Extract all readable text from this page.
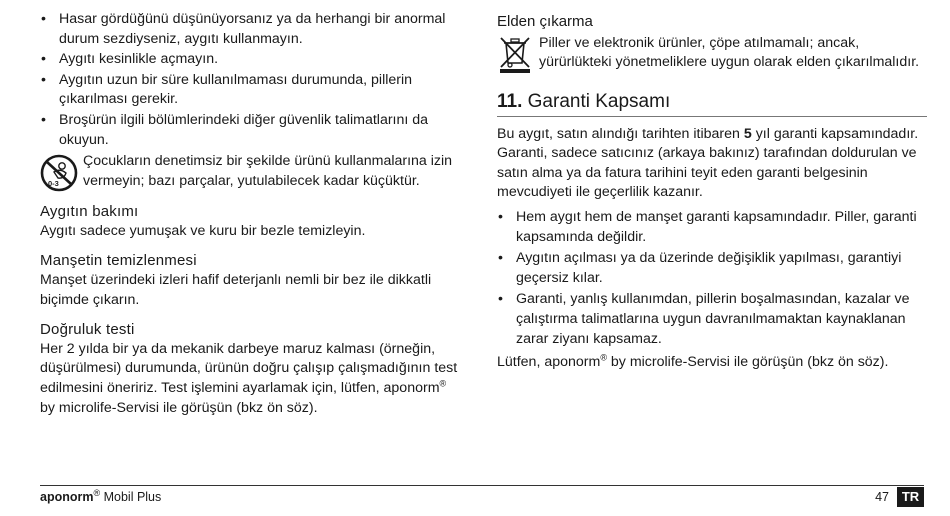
• Hasar gördüğünü düşünüyorsanız ya da herhangi bir anormal durum sezdiyseniz, aygıtı kullanmayın.
• Aygıtı kesinlikle açmayın.
• Aygıtın uzun bir süre kullanılmaması durumunda, pillerin çıkarılması gerekir.
• Broşürün ilgili bölümlerindeki diğer güvenlik talimatlarını da okuyun.
0-3

Çocukların denetimsiz bir şekilde ürünü kullanmalarına izin vermeyin; bazı parçalar, yutulabilecek kadar küçüktür.

Aygıtın bakımı

Aygıtı sadece yumuşak ve kuru bir bezle temizleyin.

Manşetin temizlenmesi

Manşet üzerindeki izleri hafif deterjanlı nemli bir bez ile dikkatli biçimde çıkarın.

Doğruluk testi

Her 2 yılda bir ya da mekanik darbeye maruz kalması (örneğin, düşürülmesi) durumunda, ürünün doğru çalışıp çalışmadığının test edilmesini öneririz. Test işlemini ayarlamak için, lütfen, aponorm® by microlife-Servisi ile görüşün (bkz ön söz).

Elden çıkarma

Piller ve elektronik ürünler, çöpe atılmamalı; ancak, yürürlükteki yönetmeliklere uygun olarak elden çıkarılmalıdır.

11. Garanti Kapsamı

Bu aygıt, satın alındığı tarihten itibaren 5 yıl garanti kapsamındadır. Garanti, sadece satıcınız (arkaya bakınız) tarafından doldurulan ve satın alma ya da fatura tarihini teyit eden garanti belgesinin mevcudiyeti ile geçerlilik kazanır.

• Hem aygıt hem de manşet garanti kapsamındadır. Piller, garanti kapsamında değildir.
• Aygıtın açılması ya da üzerinde değişiklik yapılması, garantiyi geçersiz kılar.
• Garanti, yanlış kullanımdan, pillerin boşalmasından, kazalar ve çalıştırma talimatlarına uygun davranılmamaktan kaynaklanan zarar ziyanı kapsamaz.

Lütfen, aponorm® by microlife-Servisi ile görüşün (bkz ön söz).

aponorm® Mobil Plus	47 TR
